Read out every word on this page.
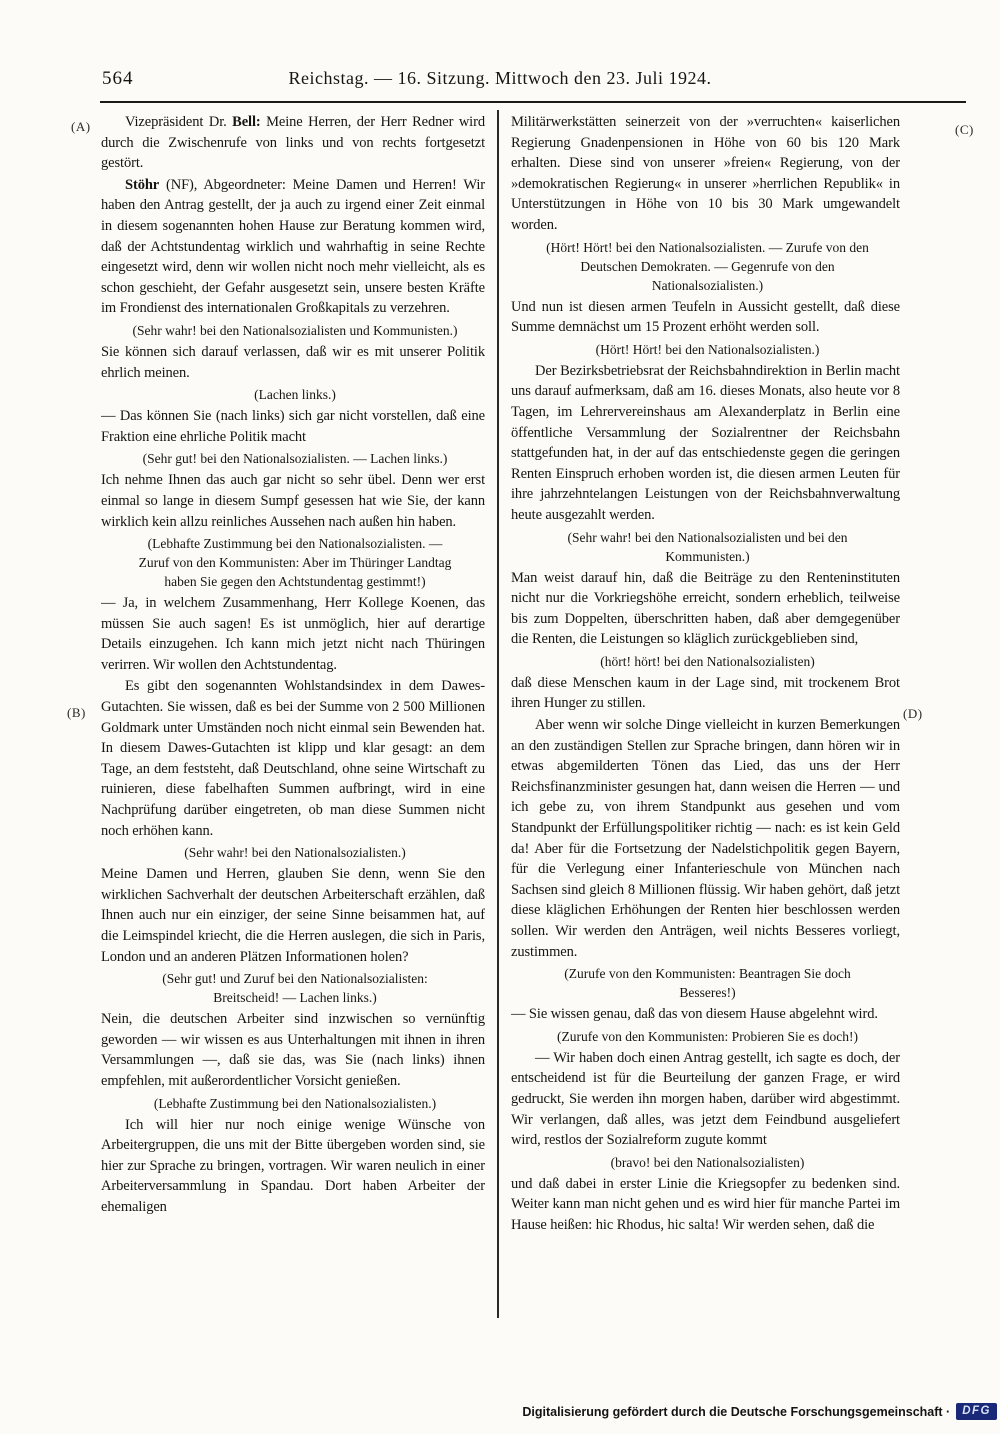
564	Reichstag. — 16. Sitzung. Mittwoch den 23. Juli 1924.
(A)
(B)
(C)
(D)

Vizepräsident Dr. Bell: Meine Herren, der Herr Redner wird durch die Zwischenrufe von links und von rechts fortgesetzt gestört.

Stöhr (NF), Abgeordneter: Meine Damen und Herren! Wir haben den Antrag gestellt, der ja auch zu irgend einer Zeit einmal in diesem sogenannten hohen Hause zur Beratung kommen wird, daß der Achtstundentag wirklich und wahrhaftig in seine Rechte eingesetzt wird, denn wir wollen nicht noch mehr vielleicht, als es schon geschieht, der Gefahr ausgesetzt sein, unsere besten Kräfte im Frondienst des internationalen Großkapitals zu verzehren.

(Sehr wahr! bei den Nationalsozialisten und Kommunisten.)

Sie können sich darauf verlassen, daß wir es mit unserer Politik ehrlich meinen.

(Lachen links.)

— Das können Sie (nach links) sich gar nicht vorstellen, daß eine Fraktion eine ehrliche Politik macht

(Sehr gut! bei den Nationalsozialisten. — Lachen links.)

Ich nehme Ihnen das auch gar nicht so sehr übel. Denn wer erst einmal so lange in diesem Sumpf gesessen hat wie Sie, der kann wirklich kein allzu reinliches Aussehen nach außen hin haben.

(Lebhafte Zustimmung bei den Nationalsozialisten. — Zuruf von den Kommunisten: Aber im Thüringer Landtag haben Sie gegen den Achtstundentag gestimmt!)

— Ja, in welchem Zusammenhang, Herr Kollege Koenen, das müssen Sie auch sagen! Es ist unmöglich, hier auf derartige Details einzugehen. Ich kann mich jetzt nicht nach Thüringen verirren. Wir wollen den Achtstundentag.

Es gibt den sogenannten Wohlstandsindex in dem Dawes-Gutachten. Sie wissen, daß es bei der Summe von 2 500 Millionen Goldmark unter Umständen noch nicht einmal sein Bewenden hat. In diesem Dawes-Gutachten ist klipp und klar gesagt: an dem Tage, an dem feststeht, daß Deutschland, ohne seine Wirtschaft zu ruinieren, diese fabelhaften Summen aufbringt, wird in eine Nachprüfung darüber eingetreten, ob man diese Summen nicht noch erhöhen kann.

(Sehr wahr! bei den Nationalsozialisten.)

Meine Damen und Herren, glauben Sie denn, wenn Sie den wirklichen Sachverhalt der deutschen Arbeiterschaft erzählen, daß Ihnen auch nur ein einziger, der seine Sinne beisammen hat, auf die Leimspindel kriecht, die die Herren auslegen, die sich in Paris, London und an anderen Plätzen Informationen holen?

(Sehr gut! und Zuruf bei den Nationalsozialisten: Breitscheid! — Lachen links.)

Nein, die deutschen Arbeiter sind inzwischen so vernünftig geworden — wir wissen es aus Unterhaltungen mit ihnen in ihren Versammlungen —, daß sie das, was Sie (nach links) ihnen empfehlen, mit außerordentlicher Vorsicht genießen.

(Lebhafte Zustimmung bei den Nationalsozialisten.)

Ich will hier nur noch einige wenige Wünsche von Arbeitergruppen, die uns mit der Bitte übergeben worden sind, sie hier zur Sprache zu bringen, vortragen. Wir waren neulich in einer Arbeiterversammlung in Spandau. Dort haben Arbeiter der ehemaligen

Militärwerkstätten seinerzeit von der »verruchten« kaiserlichen Regierung Gnadenpensionen in Höhe von 60 bis 120 Mark erhalten. Diese sind von unserer »freien« Regierung, von der »demokratischen Regierung« in unserer »herrlichen Republik« in Unterstützungen in Höhe von 10 bis 30 Mark umgewandelt worden.

(Hört! Hört! bei den Nationalsozialisten. — Zurufe von den Deutschen Demokraten. — Gegenrufe von den Nationalsozialisten.)

Und nun ist diesen armen Teufeln in Aussicht gestellt, daß diese Summe demnächst um 15 Prozent erhöht werden soll.

(Hört! Hört! bei den Nationalsozialisten.)

Der Bezirksbetriebsrat der Reichsbahndirektion in Berlin macht uns darauf aufmerksam, daß am 16. dieses Monats, also heute vor 8 Tagen, im Lehrervereinshaus am Alexanderplatz in Berlin eine öffentliche Versammlung der Sozialrentner der Reichsbahn stattgefunden hat, in der auf das entschiedenste gegen die geringen Renten Einspruch erhoben worden ist, die diesen armen Leuten für ihre jahrzehntelangen Leistungen von der Reichsbahnverwaltung heute ausgezahlt werden.

(Sehr wahr! bei den Nationalsozialisten und bei den Kommunisten.)

Man weist darauf hin, daß die Beiträge zu den Renteninstituten nicht nur die Vorkriegshöhe erreicht, sondern erheblich, teilweise bis zum Doppelten, überschritten haben, daß aber demgegenüber die Renten, die Leistungen so kläglich zurückgeblieben sind,

(hört! hört! bei den Nationalsozialisten)

daß diese Menschen kaum in der Lage sind, mit trockenem Brot ihren Hunger zu stillen.

Aber wenn wir solche Dinge vielleicht in kurzen Bemerkungen an den zuständigen Stellen zur Sprache bringen, dann hören wir in etwas abgemilderten Tönen das Lied, das uns der Herr Reichsfinanzminister gesungen hat, dann weisen die Herren — und ich gebe zu, von ihrem Standpunkt aus gesehen und vom Standpunkt der Erfüllungspolitiker richtig — nach: es ist kein Geld da! Aber für die Fortsetzung der Nadelstichpolitik gegen Bayern, für die Verlegung einer Infanterieschule von München nach Sachsen sind gleich 8 Millionen flüssig. Wir haben gehört, daß jetzt diese kläglichen Erhöhungen der Renten hier beschlossen werden sollen. Wir werden den Anträgen, weil nichts Besseres vorliegt, zustimmen.

(Zurufe von den Kommunisten: Beantragen Sie doch Besseres!)

— Sie wissen genau, daß das von diesem Hause abgelehnt wird.

(Zurufe von den Kommunisten: Probieren Sie es doch!)

— Wir haben doch einen Antrag gestellt, ich sagte es doch, der entscheidend ist für die Beurteilung der ganzen Frage, er wird gedruckt, Sie werden ihn morgen haben, darüber wird abgestimmt. Wir verlangen, daß alles, was jetzt dem Feindbund ausgeliefert wird, restlos der Sozialreform zugute kommt

(bravo! bei den Nationalsozialisten)

und daß dabei in erster Linie die Kriegsopfer zu bedenken sind. Weiter kann man nicht gehen und es wird hier für manche Partei im Hause heißen: hic Rhodus, hic salta! Wir werden sehen, daß die

Digitalisierung gefördert durch die Deutsche Forschungsgemeinschaft ·	DFG
